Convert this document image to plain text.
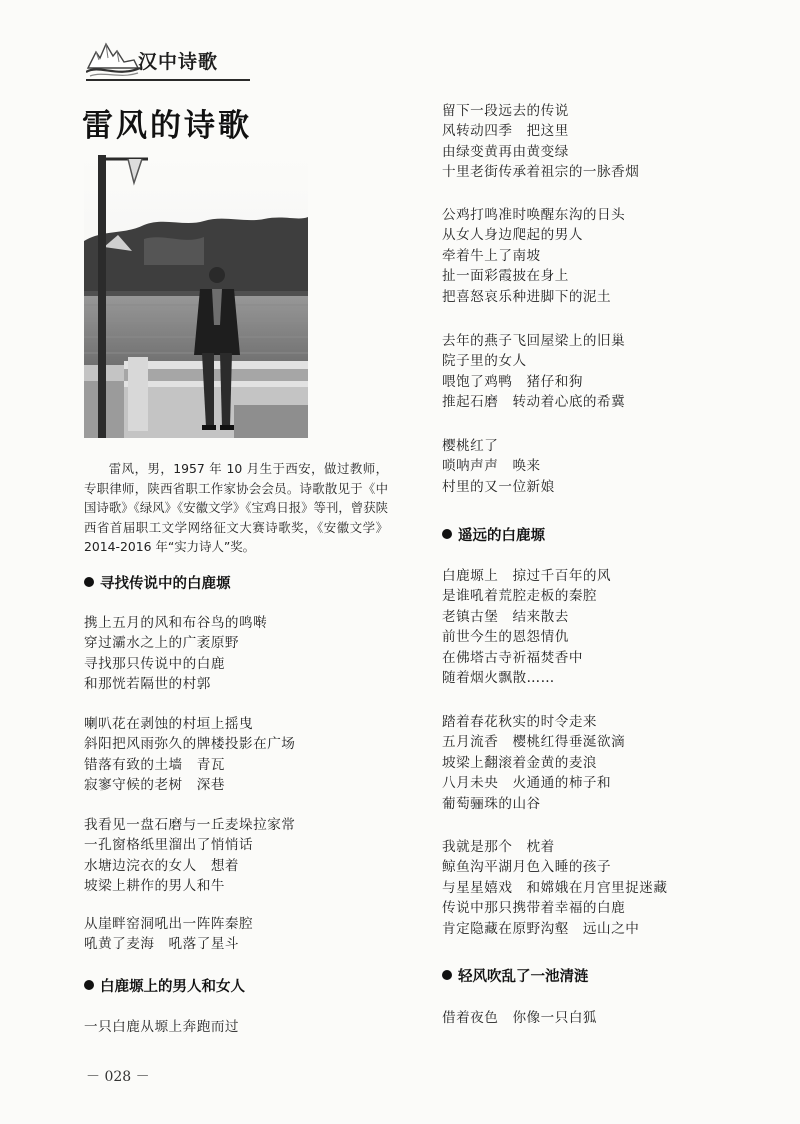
汉中诗歌
雷风的诗歌
雷风，男，1957 年 10 月生于西安，做过教师，专职律师，陕西省职工作家协会会员。诗歌散见于《中国诗歌》《绿风》《安徽文学》《宝鸡日报》等刊，曾获陕西省首届职工文学网络征文大赛诗歌奖，《安徽文学》2014-2016 年“实力诗人”奖。
寻找传说中的白鹿塬
携上五月的风和布谷鸟的鸣啭
穿过灞水之上的广袤原野
寻找那只传说中的白鹿
和那恍若隔世的村郭
喇叭花在剥蚀的村垣上摇曳
斜阳把风雨弥久的牌楼投影在广场
错落有致的土墙　青瓦
寂寥守候的老树　深巷
我看见一盘石磨与一丘麦垛拉家常
一孔窗格纸里溜出了悄悄话
水塘边浣衣的女人　想着
坡梁上耕作的男人和牛
从崖畔窑洞吼出一阵阵秦腔
吼黄了麦海　吼落了星斗
白鹿塬上的男人和女人
一只白鹿从塬上奔跑而过
留下一段远去的传说
风转动四季　把这里
由绿变黄再由黄变绿
十里老街传承着祖宗的一脉香烟
公鸡打鸣准时唤醒东沟的日头
从女人身边爬起的男人
牵着牛上了南坡
扯一面彩霞披在身上
把喜怒哀乐种进脚下的泥土
去年的燕子飞回屋梁上的旧巢
院子里的女人
喂饱了鸡鸭　猪仔和狗
推起石磨　转动着心底的希冀
樱桃红了
唢呐声声　唤来
村里的又一位新娘
遥远的白鹿塬
白鹿塬上　掠过千百年的风
是谁吼着荒腔走板的秦腔
老镇古堡　结来散去
前世今生的恩怨情仇
在佛塔古寺祈福焚香中
随着烟火飘散……
踏着春花秋实的时令走来
五月流香　樱桃红得垂涎欲滴
坡梁上翻滚着金黄的麦浪
八月未央　火通通的柿子和
葡萄骊珠的山谷
我就是那个　枕着
鲸鱼沟平湖月色入睡的孩子
与星星嬉戏　和嫦娥在月宫里捉迷藏
传说中那只携带着幸福的白鹿
肯定隐藏在原野沟壑　远山之中
轻风吹乱了一池清涟
借着夜色　你像一只白狐
－ 028 －
